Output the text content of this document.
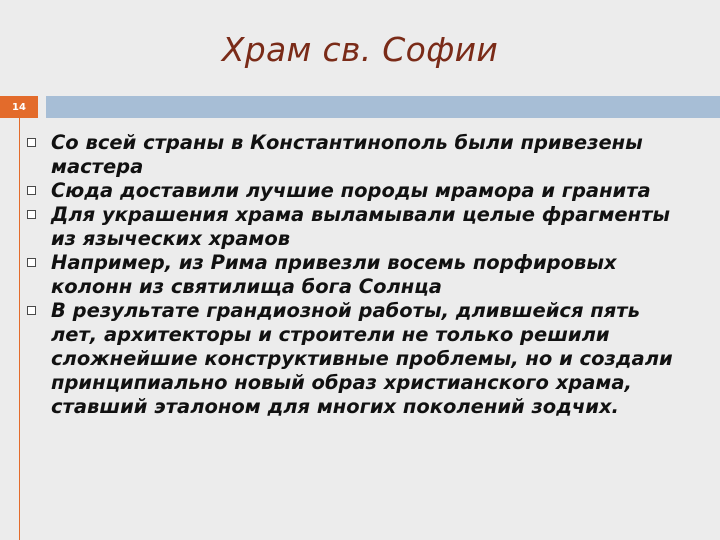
Храм св. Софии
14
Со всей страны в Константинополь были привезены
мастера
Сюда доставили лучшие породы мрамора и гранита
Для украшения храма выламывали целые фрагменты
из языческих храмов
Например, из Рима привезли восемь порфировых
колонн из святилища бога Солнца
В результате грандиозной работы, длившейся пять
лет, архитекторы и строители не только решили
сложнейшие конструктивные проблемы, но и создали
принципиально новый образ христианского храма,
ставший эталоном для многих поколений зодчих.
